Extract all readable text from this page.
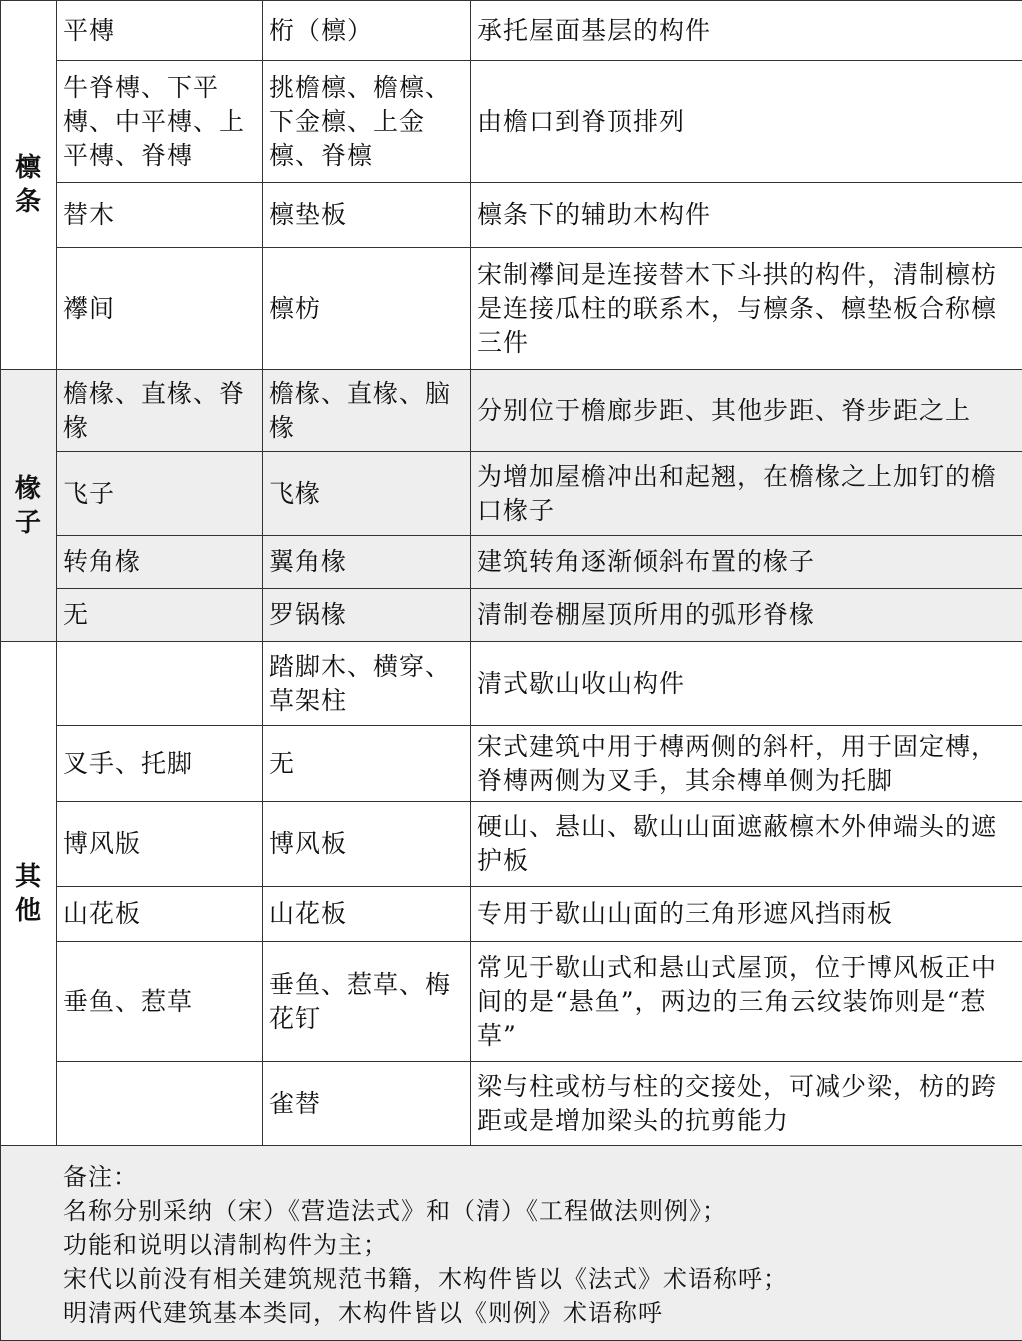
檩
条	平槫	桁（檩）	承托屋面基层的构件
	牛脊槫、下平槫、中平槫、上平槫、脊槫	挑檐檩、檐檩、下金檩、上金檩、脊檩	由檐口到脊顶排列
	替木	檩垫板	檩条下的辅助木构件
	襻间	檩枋	宋制襻间是连接替木下斗拱的构件，清制檩枋是连接瓜柱的联系木，与檩条、檩垫板合称檩三件

椽
子	檐椽、直椽、脊椽	檐椽、直椽、脑椽	分别位于檐廊步距、其他步距、脊步距之上
	飞子	飞椽	为增加屋檐冲出和起翘，在檐椽之上加钉的檐口椽子
	转角椽	翼角椽	建筑转角逐渐倾斜布置的椽子
	无	罗锅椽	清制卷棚屋顶所用的弧形脊椽

其
他		踏脚木、横穿、草架柱	清式歇山收山构件
	叉手、托脚	无	宋式建筑中用于槫两侧的斜杆，用于固定槫，脊槫两侧为叉手，其余槫单侧为托脚
	博风版	博风板	硬山、悬山、歇山山面遮蔽檩木外伸端头的遮护板
	山花板	山花板	专用于歇山山面的三角形遮风挡雨板
	垂鱼、惹草	垂鱼、惹草、梅花钉	常见于歇山式和悬山式屋顶，位于博风板正中间的是“悬鱼”，两边的三角云纹装饰则是“惹草”
		雀替	梁与柱或枋与柱的交接处，可减少梁，枋的跨距或是增加梁头的抗剪能力

备注：
名称分别采纳（宋）《营造法式》和（清）《工程做法则例》；
功能和说明以清制构件为主；
宋代以前没有相关建筑规范书籍，木构件皆以《法式》术语称呼；
明清两代建筑基本类同，木构件皆以《则例》术语称呼			
